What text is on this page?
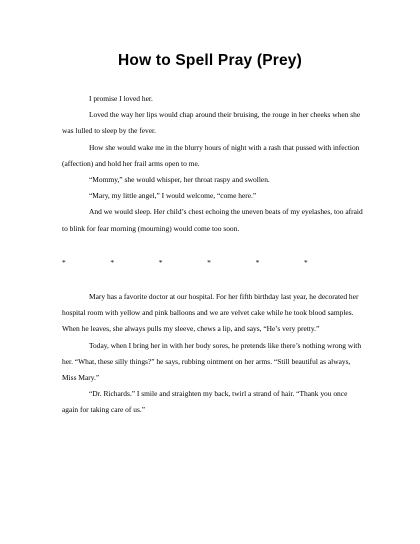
How to Spell Pray (Prey)

I promise I loved her.

Loved the way her lips would chap around their bruising, the rouge in her cheeks when she was lulled to sleep by the fever.

How she would wake me in the blurry hours of night with a rash that pussed with infection (affection) and hold her frail arms open to me.

“Mommy,” she would whisper, her throat raspy and swollen.

“Mary, my little angel,” I would welcome, “come here.”

And we would sleep. Her child’s chest echoing the uneven beats of my eyelashes, too afraid to blink for fear morning (mourning) would come too soon.

*	*	*	*	*	*

Mary has a favorite doctor at our hospital. For her fifth birthday last year, he decorated her hospital room with yellow and pink balloons and we are velvet cake while he took blood samples. When he leaves, she always pulls my sleeve, chews a lip, and says, “He’s very pretty.”

Today, when I bring her in with her body sores, he pretends like there’s nothing wrong with her. “What, these silly things?” he says, rubbing ointment on her arms. “Still beautiful as always, Miss Mary.”

“Dr. Richards.” I smile and straighten my back, twirl a strand of hair. “Thank you once again for taking care of us.”
